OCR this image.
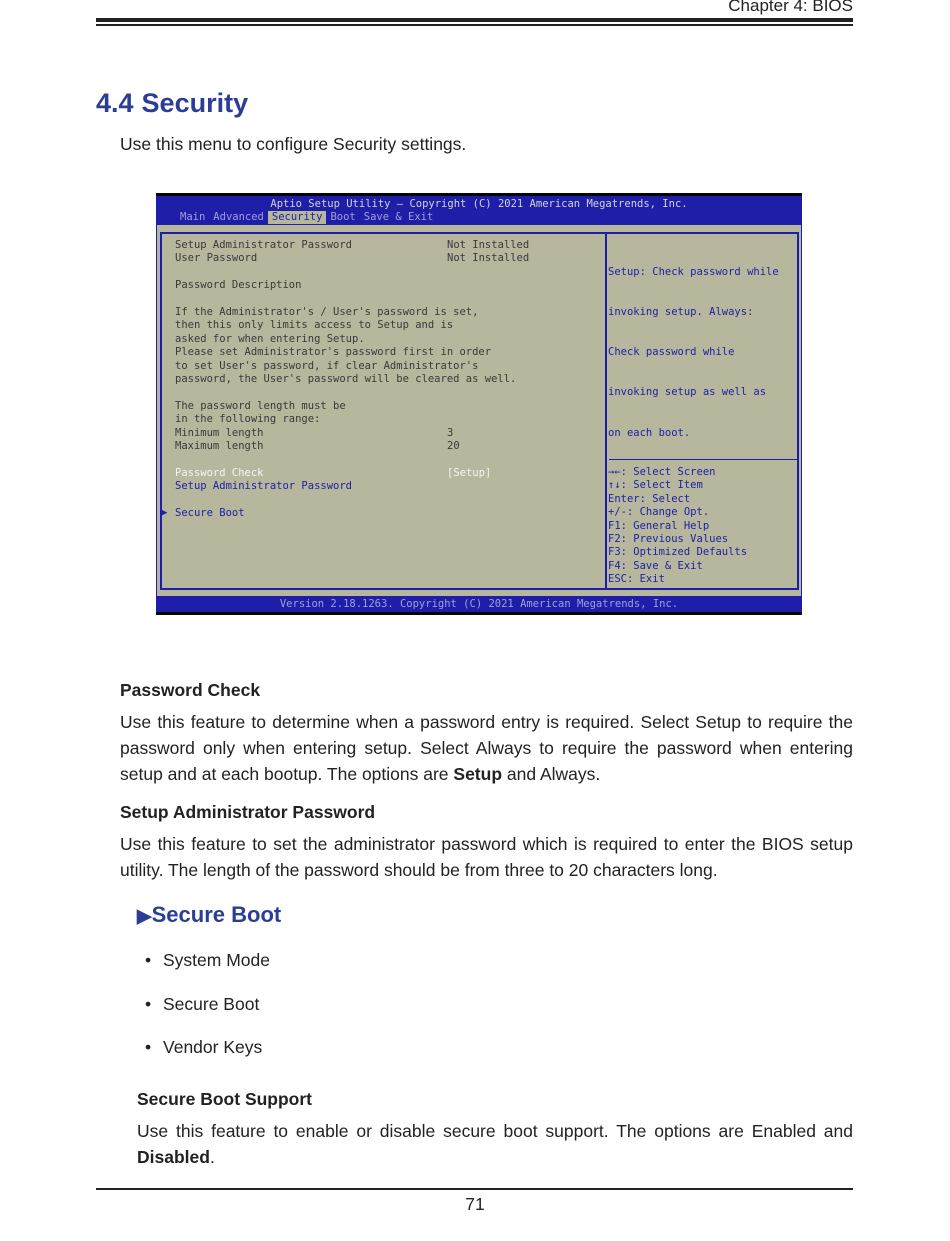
Chapter 4: BIOS
4.4 Security
Use this menu to configure Security settings.
Aptio Setup Utility – Copyright (C) 2021 American Megatrends, Inc.
Main Advanced Security Boot Save & Exit
Setup Administrator Password	Not Installed
User Password	Not Installed
Password Description
If the Administrator's / User's password is set,
then this only limits access to Setup and is
asked for when entering Setup.
Please set Administrator's password first in order
to set User's password, if clear Administrator's
password, the User's password will be cleared as well.
The password length must be
in the following range:
Minimum length	3
Maximum length	20
Password Check	[Setup]
Setup Administrator Password
▶ Secure Boot

Setup: Check password while

invoking setup. Always:

Check password while

invoking setup as well as

on each boot.

→←: Select Screen
↑↓: Select Item
Enter: Select
+/-: Change Opt.
F1: General Help
F2: Previous Values
F3: Optimized Defaults
F4: Save & Exit
ESC: Exit
Version 2.18.1263. Copyright (C) 2021 American Megatrends, Inc.
Password Check

Use this feature to determine when a password entry is required. Select Setup to require the password only when entering setup. Select Always to require the password when entering setup and at each bootup. The options are Setup and Always.

Setup Administrator Password

Use this feature to set the administrator password which is required to enter the BIOS setup utility. The length of the password should be from three to 20 characters long.

▶Secure Boot
• System Mode
• Secure Boot
• Vendor Keys
Secure Boot Support

Use this feature to enable or disable secure boot support. The options are Enabled and Disabled.

71
